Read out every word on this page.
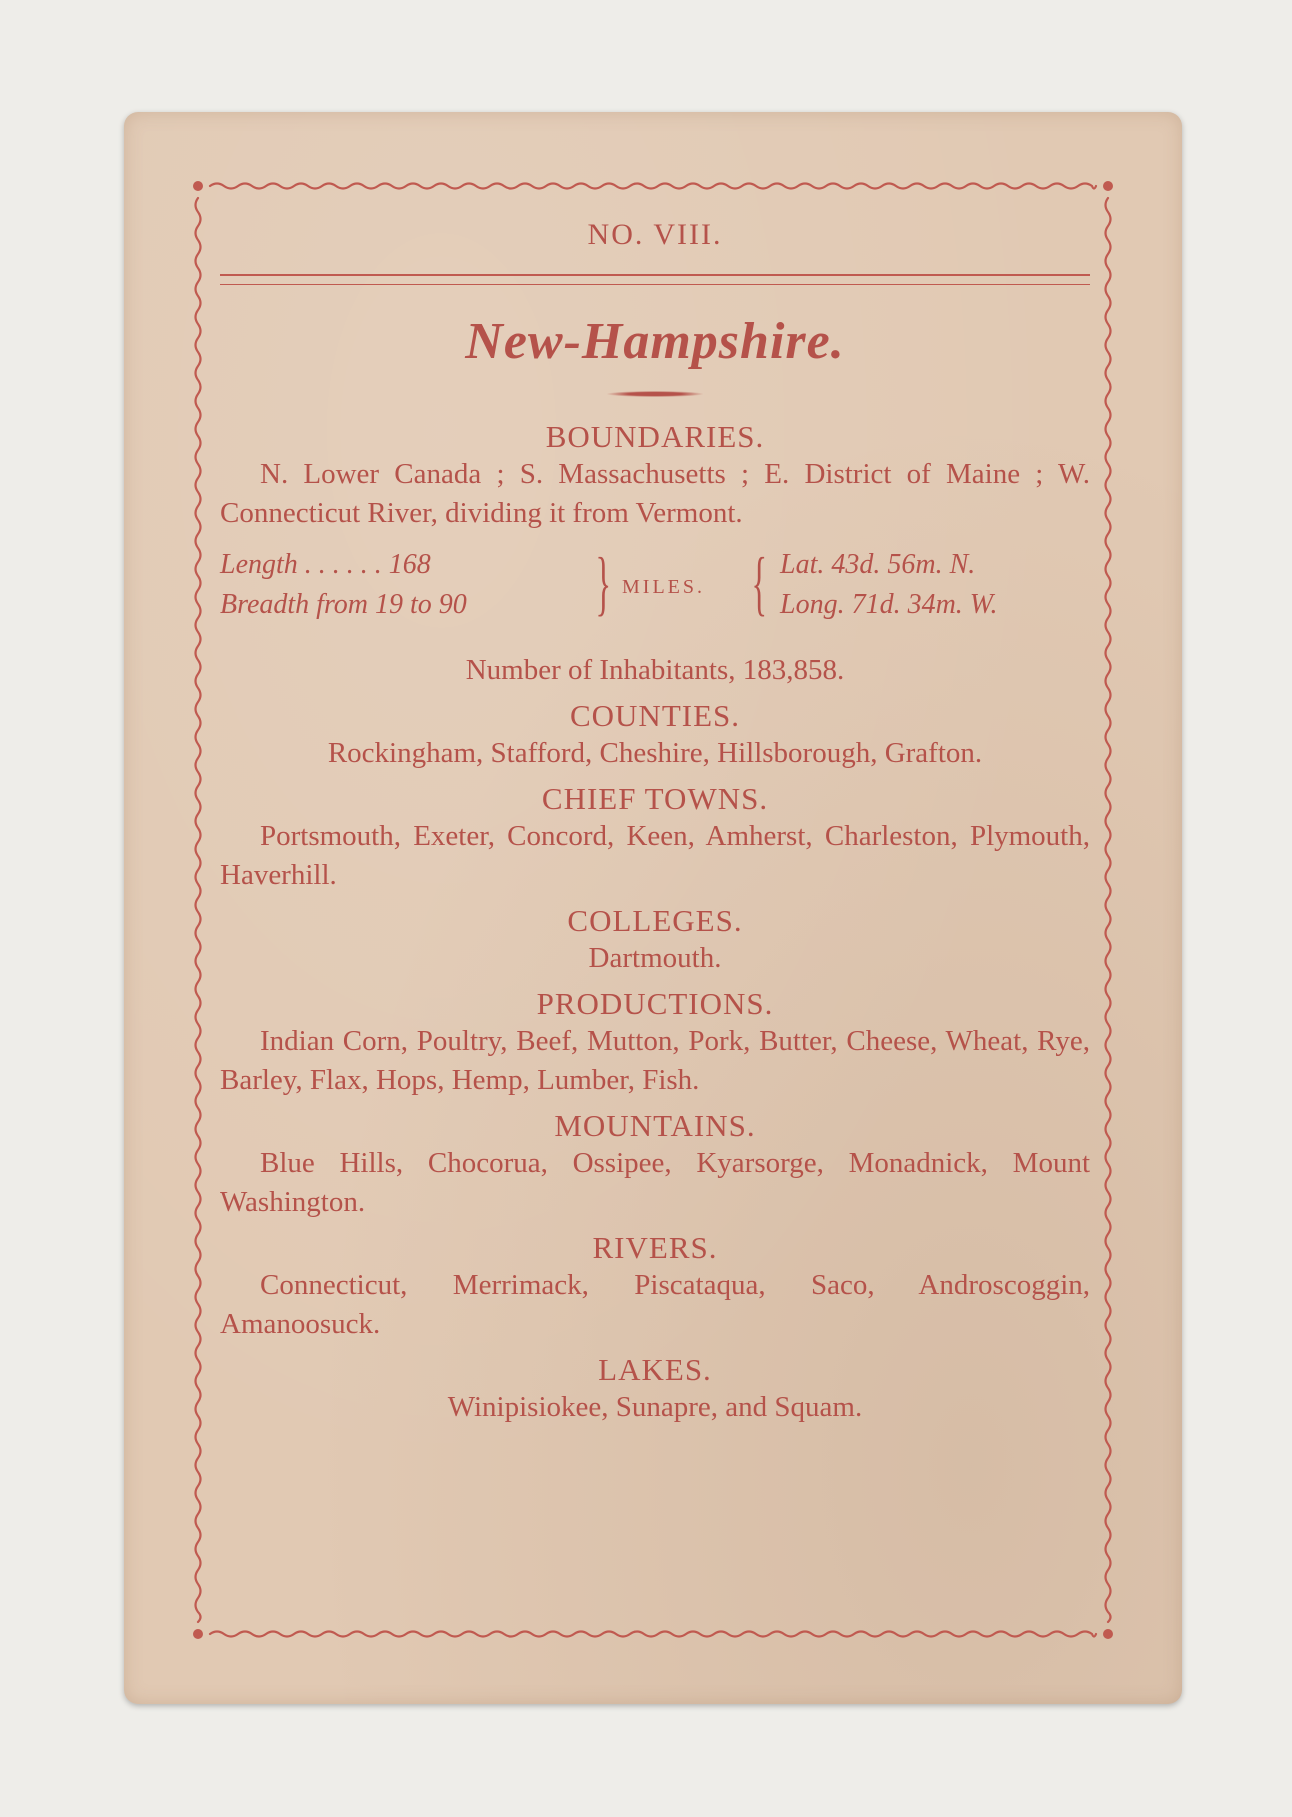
NO. VIII.
New-Hampshire.
BOUNDARIES.

N. Lower Canada ; S. Massachusetts ; E. District of Maine ; W. Connecticut River, dividing it from Vermont.

Length . . . . . . 168
Breadth from 19 to 90	} MILES. { Lat. 43d. 56m. N.
Long. 71d. 34m. W.

Number of Inhabitants, 183,858.

COUNTIES.

Rockingham, Stafford, Cheshire, Hillsborough, Grafton.

CHIEF TOWNS.

Portsmouth, Exeter, Concord, Keen, Amherst, Charleston, Plymouth, Haverhill.

COLLEGES.

Dartmouth.

PRODUCTIONS.

Indian Corn, Poultry, Beef, Mutton, Pork, Butter, Cheese, Wheat, Rye, Barley, Flax, Hops, Hemp, Lumber, Fish.

MOUNTAINS.

Blue Hills, Chocorua, Ossipee, Kyarsorge, Monadnick, Mount Washington.

RIVERS.

Connecticut, Merrimack, Piscataqua, Saco, Androscoggin, Amanoosuck.

LAKES.

Winipisiokee, Sunapre, and Squam.
